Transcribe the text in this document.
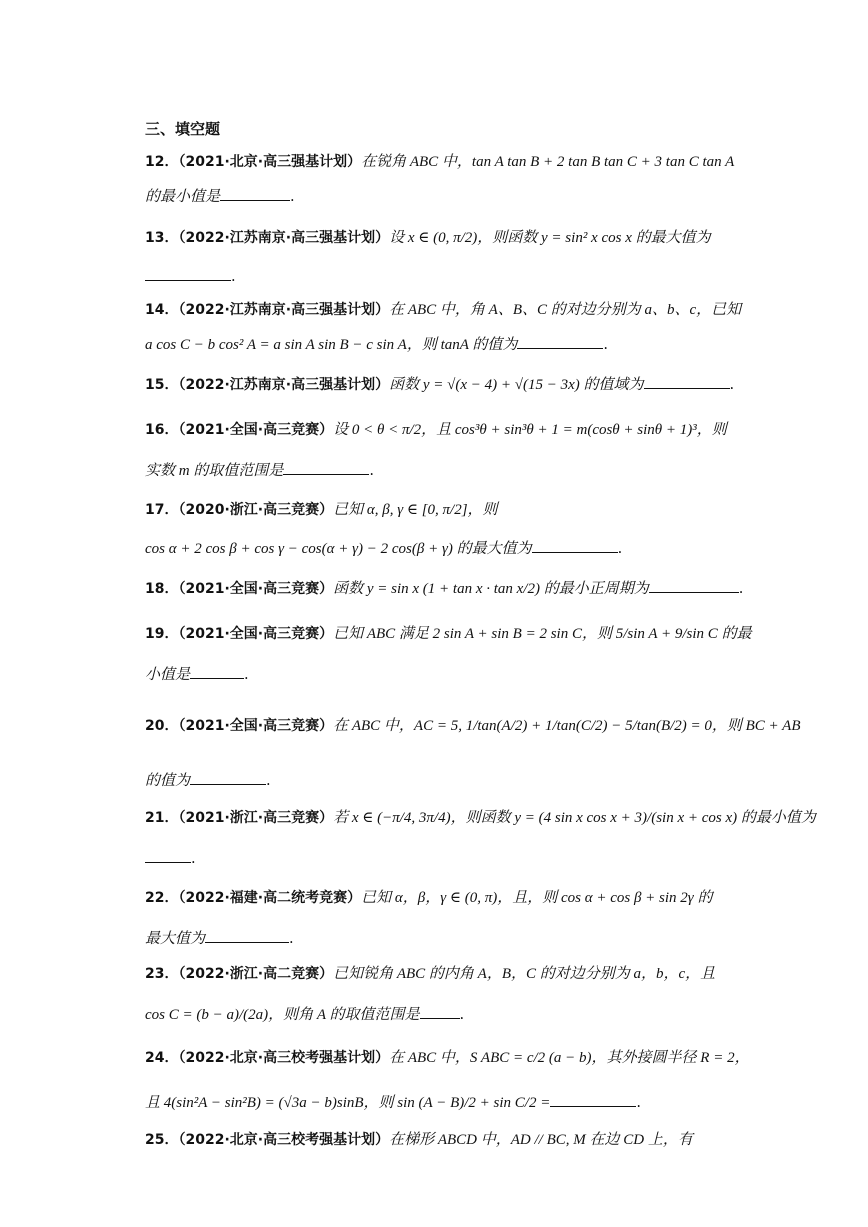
三、填空题
12．（2021·北京·高三强基计划）在锐角 ABC 中，tan A tan B + 2 tan B tan C + 3 tan C tan A
的最小值是	.
13．（2022·江苏南京·高三强基计划）设 x ∈ (0, π/2)，则函数 y = sin² x cos x 的最大值为
.
14．（2022·江苏南京·高三强基计划）在 ABC 中，角 A、B、C 的对边分别为 a、b、c，已知
a cos C − b cos² A = a sin A sin B − c sin A，则 tanA 的值为	.
15．（2022·江苏南京·高三强基计划）函数 y = √(x − 4) + √(15 − 3x) 的值域为	.
16．（2021·全国·高三竞赛）设 0 < θ < π/2，且 cos³θ + sin³θ + 1 = m(cosθ + sinθ + 1)³，则
实数 m 的取值范围是	.
17．（2020·浙江·高三竞赛）已知 α, β, γ ∈ [0, π/2]，则
cos α + 2 cos β + cos γ − cos(α + γ) − 2 cos(β + γ) 的最大值为	.
18．（2021·全国·高三竞赛）函数 y = sin x (1 + tan x · tan x/2) 的最小正周期为	.
19．（2021·全国·高三竞赛）已知 ABC 满足 2 sin A + sin B = 2 sin C，则 5/sin A + 9/sin C 的最
小值是	.
20．（2021·全国·高三竞赛）在 ABC 中，AC = 5, 1/tan(A/2) + 1/tan(C/2) − 5/tan(B/2) = 0，则 BC + AB
的值为	.
21．（2021·浙江·高三竞赛）若 x ∈ (−π/4, 3π/4)，则函数 y = (4 sin x cos x + 3)/(sin x + cos x) 的最小值为
.
22．（2022·福建·高二统考竞赛）已知 α，β，γ ∈ (0, π)，且，则 cos α + cos β + sin 2γ 的
最大值为	.
23．（2022·浙江·高二竞赛）已知锐角 ABC 的内角 A，B，C 的对边分别为 a，b，c，且
cos C = (b − a)/(2a)，则角 A 的取值范围是	.
24．（2022·北京·高三校考强基计划）在 ABC 中，S ABC = c/2 (a − b)，其外接圆半径 R = 2，
且 4(sin²A − sin²B) = (√3a − b)sinB，则 sin (A − B)/2 + sin C/2 =	.
25．（2022·北京·高三校考强基计划）在梯形 ABCD 中，AD // BC, M 在边 CD 上，有
